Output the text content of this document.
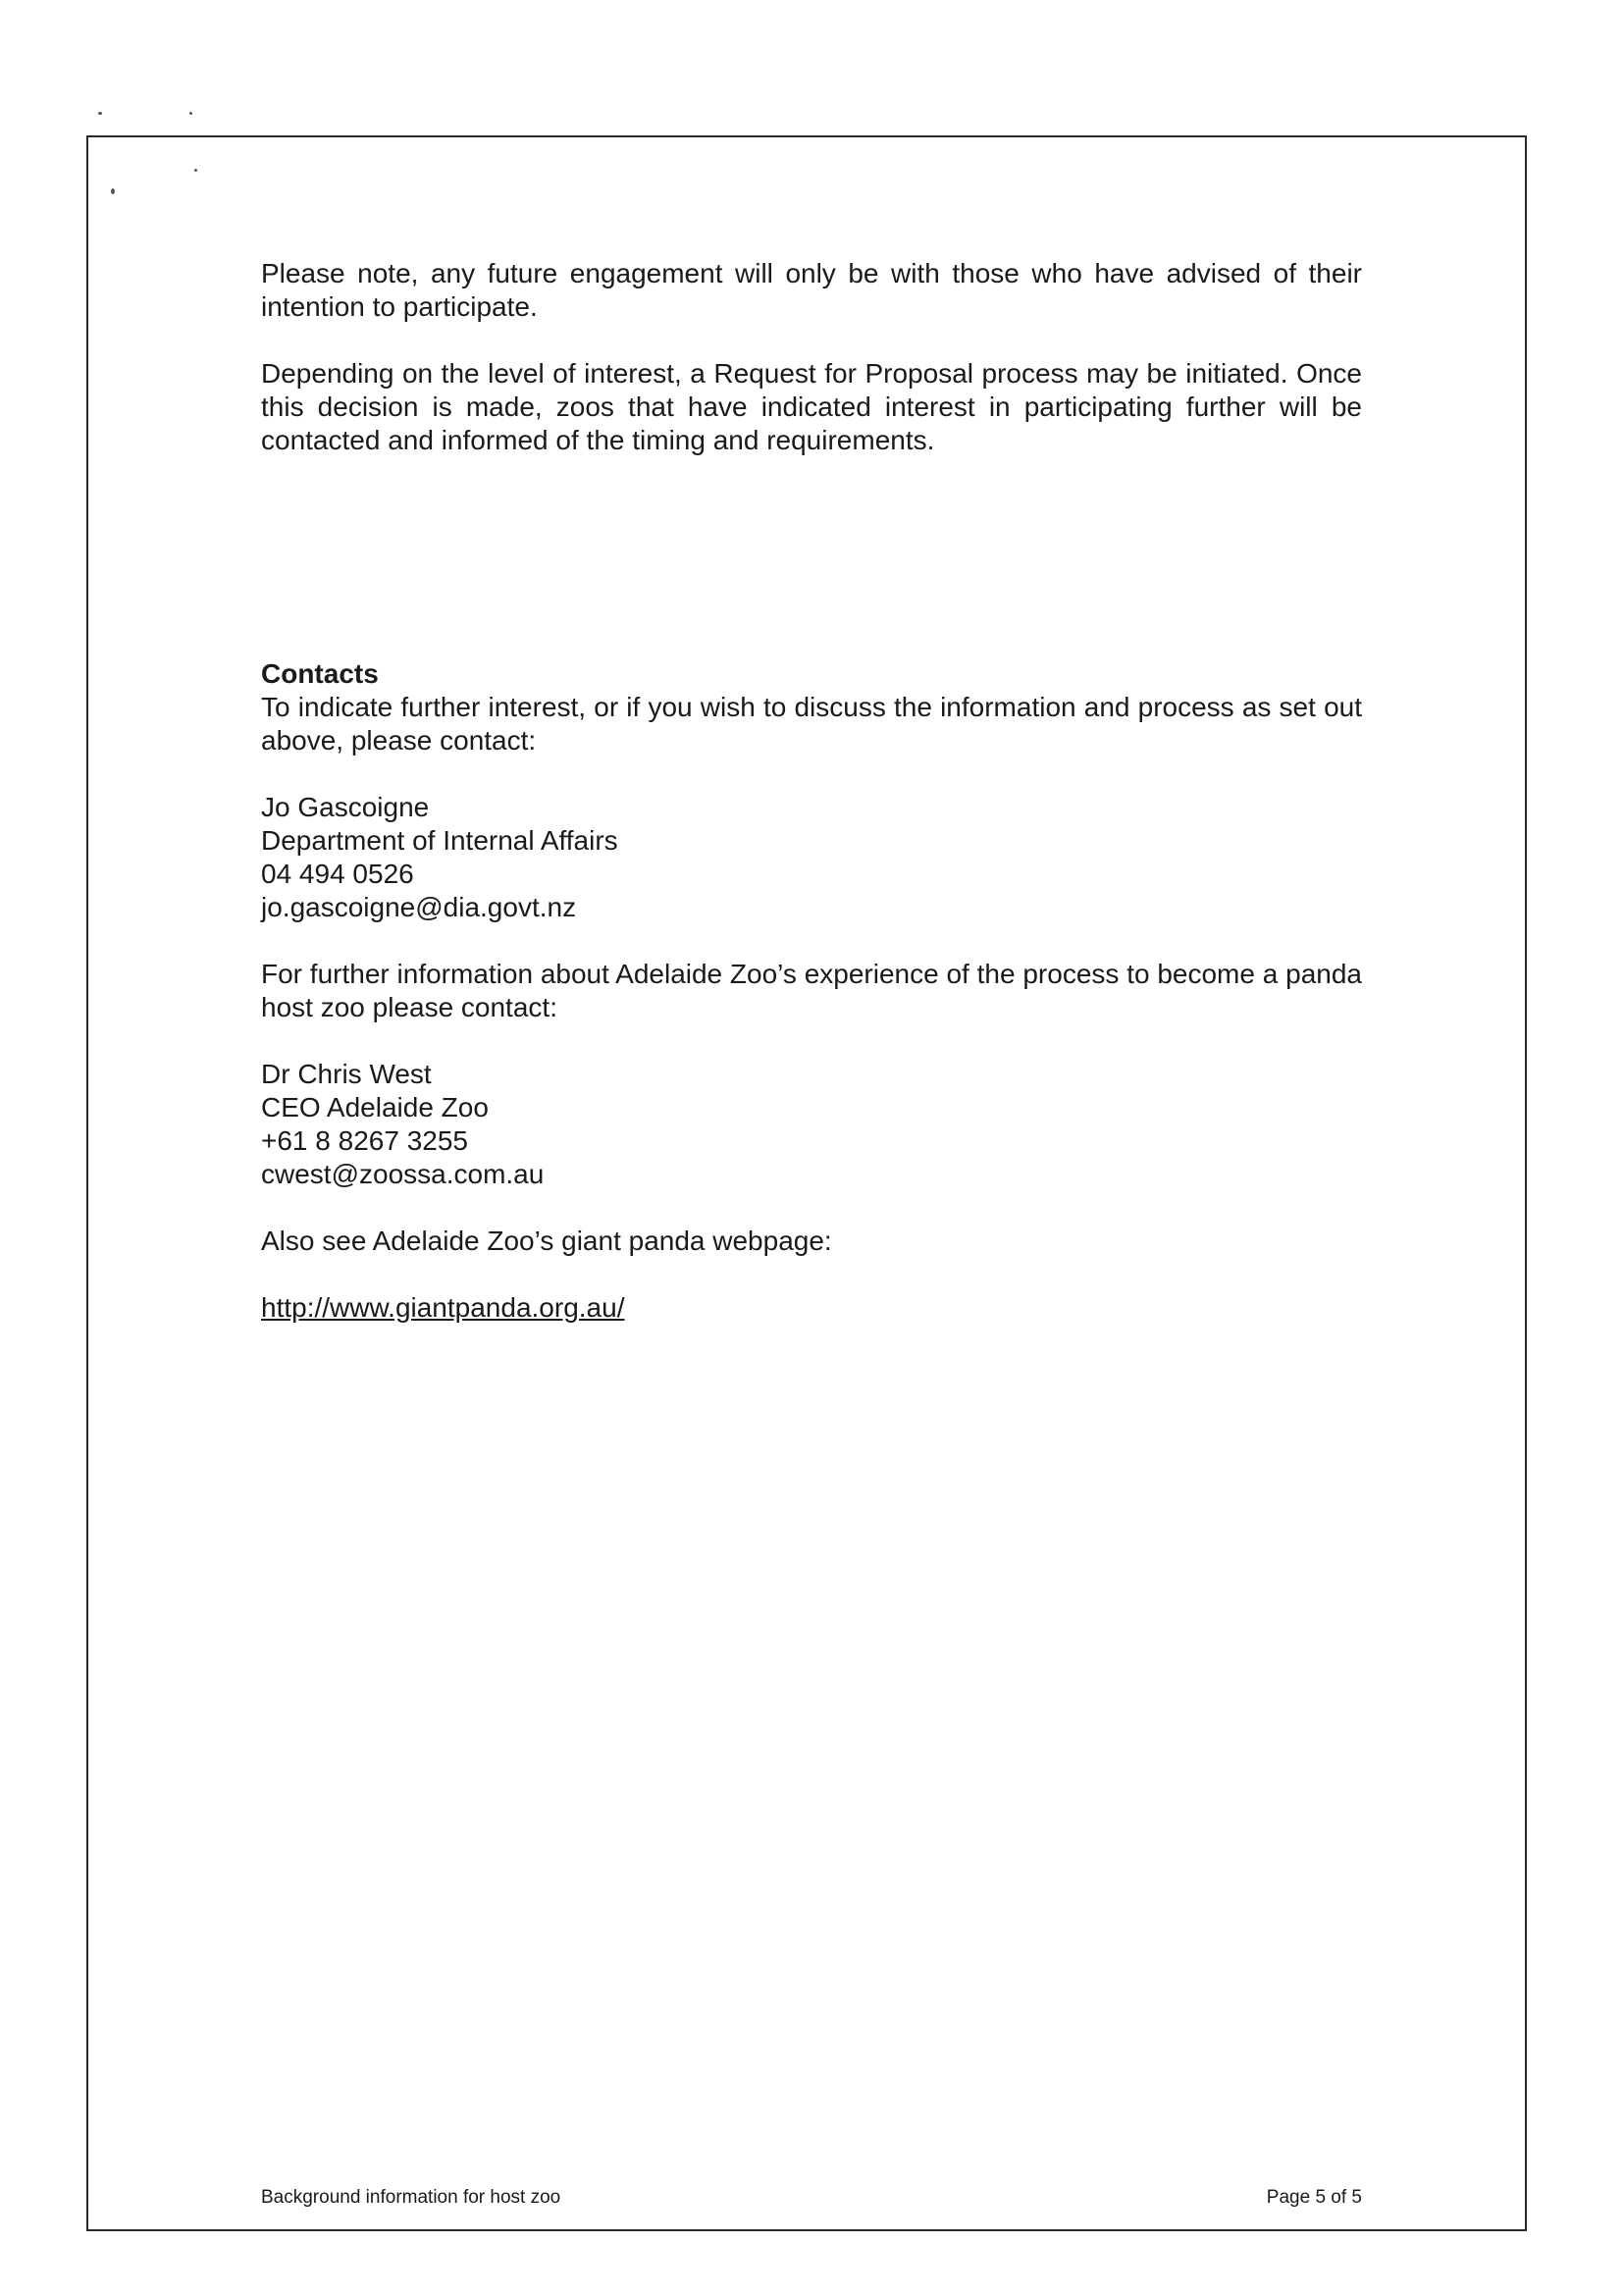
Please note, any future engagement will only be with those who have advised of their intention to participate.

Depending on the level of interest, a Request for Proposal process may be initiated. Once this decision is made, zoos that have indicated interest in participating further will be contacted and informed of the timing and requirements.

Contacts

To indicate further interest, or if you wish to discuss the information and process as set out above, please contact:

Jo Gascoigne
Department of Internal Affairs
04 494 0526
jo.gascoigne@dia.govt.nz

For further information about Adelaide Zoo’s experience of the process to become a panda host zoo please contact:

Dr Chris West
CEO Adelaide Zoo
+61 8 8267 3255
cwest@zoossa.com.au

Also see Adelaide Zoo’s giant panda webpage:

http://www.giantpanda.org.au/

Background information for host zoo	Page 5 of 5
